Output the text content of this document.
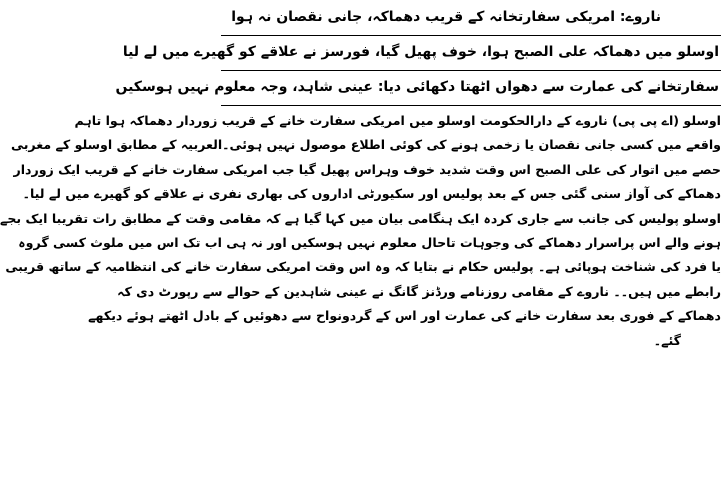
ناروے: امریکی سفارتخانہ کے قریب دھماکہ، جانی نقصان نہ ہوا
اوسلو میں دھماکہ علی الصبح ہوا، خوف پھیل گیا، فورسز نے علاقے کو گھیرے میں لے لیا
سفارتخانے کی عمارت سے دھواں اٹھتا دکھائی دیا: عینی شاہد، وجہ معلوم نہیں ہوسکیں
اوسلو (اے پی پی) ناروے کے دارالحکومت اوسلو میں امریکی سفارت خانے کے قریب زوردار دھماکہ ہوا تاہم
واقعے میں کسی جانی نقصان یا زخمی ہونے کی کوئی اطلاع موصول نہیں ہوئی۔العربیہ کے مطابق اوسلو کے مغربی
حصے میں اتوار کی علی الصبح اس وقت شدید خوف وہراس پھیل گیا جب امریکی سفارت خانے کے قریب ایک زوردار
دھماکے کی آواز سنی گئی جس کے بعد پولیس اور سکیورٹی اداروں کی بھاری نفری نے علاقے کو گھیرے میں لے لیا۔
اوسلو پولیس کی جانب سے جاری کردہ ایک ہنگامی بیان میں کہا گیا ہے کہ مقامی وقت کے مطابق رات تقریبا ایک بجے
ہونے والے اس پراسرار دھماکے کی وجوہات تاحال معلوم نہیں ہوسکیں اور نہ ہی اب تک اس میں ملوث کسی گروہ
یا فرد کی شناخت ہوپائی ہے۔ پولیس حکام نے بتایا کہ وہ اس وقت امریکی سفارت خانے کی انتظامیہ کے ساتھ قریبی
رابطے میں ہیں۔۔ ناروے کے مقامی روزنامے ورڈنز گانگ نے عینی شاہدین کے حوالے سے رپورٹ دی کہ
دھماکے کے فوری بعد سفارت خانے کی عمارت اور اس کے گردونواح سے دھوئیں کے بادل اٹھتے ہوئے دیکھے
گئے۔
